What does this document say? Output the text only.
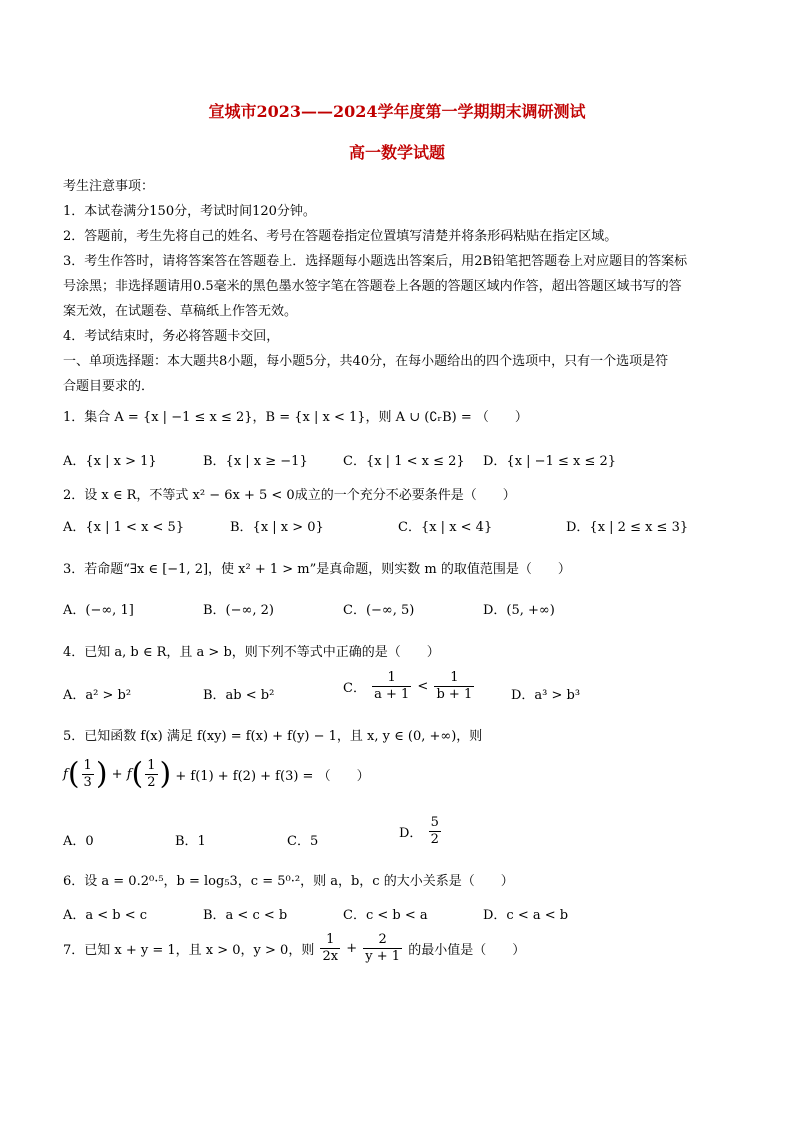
宣城市2023——2024学年度第一学期期末调研测试
高一数学试题
考生注意事项：
1．本试卷满分150分，考试时间120分钟。
2．答题前，考生先将自己的姓名、考号在答题卷指定位置填写清楚并将条形码粘贴在指定区域。
3．考生作答时，请将答案答在答题卷上．选择题每小题选出答案后，用2B铅笔把答题卷上对应题目的答案标
号涂黑；非选择题请用0.5毫米的黑色墨水签字笔在答题卷上各题的答题区域内作答，超出答题区域书写的答
案无效，在试题卷、草稿纸上作答无效。
4．考试结束时，务必将答题卡交回，
一、单项选择题：本大题共8小题，每小题5分，共40分，在每小题给出的四个选项中，只有一个选项是符
合题目要求的．
1．集合 A = {x | −1 ≤ x ≤ 2}，B = {x | x < 1}，则 A ∪ (∁ᵣB) = （　　）
A．{x | x > 1}	B．{x | x ≥ −1}	C．{x | 1 < x ≤ 2} D．{x | −1 ≤ x ≤ 2}
2．设 x ∈ R，不等式 x² − 6x + 5 < 0成立的一个充分不必要条件是（　　）
A．{x | 1 < x < 5}	B．{x | x > 0}	C．{x | x < 4}	D．{x | 2 ≤ x ≤ 3}
3．若命题“∃x ∈ [−1, 2]，使 x² + 1 > m”是真命题，则实数 m 的取值范围是（　　）
A．(−∞, 1]	B．(−∞, 2)	C．(−∞, 5)	D．(5, +∞)
4．已知 a, b ∈ R，且 a > b，则下列不等式中正确的是（　　）
A．a² > b²	B．ab < b²	C． $\frac{1}{a + 1} < \frac{1}{b + 1}$	D．a³ > b³
5．已知函数 f(x) 满足 f(xy) = f(x) + f(y) − 1，且 x, y ∈ (0, +∞)，则
$f( \frac{1}{3}$ ) + $f( \frac{1}{2}$ ) + f(1) + f(2) + f(3) = （　　）
A．0	B．1	C．5
D． $\frac{5}{2}$
6．设 a = 0.2⁰·⁵，b = log₅3，c = 5⁰·²，则 a，b，c 的大小关系是（　　）
A．a < b < c	B．a < c < b	C．c < b < a	D．c < a < b
7．已知 x + y = 1，且 x > 0，y > 0，则 $\frac{1}{2x} + \frac{2}{y + 1}$ 的最小值是（　　）
